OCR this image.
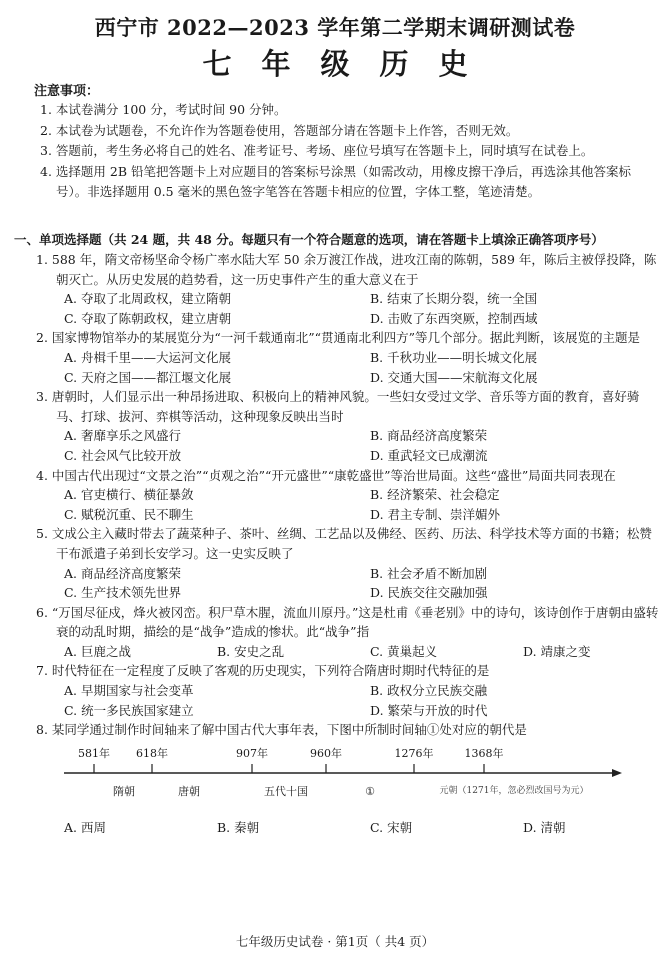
西宁市 2022—2023 学年第二学期末调研测试卷
七年级历史
注意事项：
1. 本试卷满分 100 分，考试时间 90 分钟。
2. 本试卷为试题卷，不允许作为答题卷使用，答题部分请在答题卡上作答，否则无效。
3. 答题前，考生务必将自己的姓名、准考证号、考场、座位号填写在答题卡上，同时填写在试卷上。
4. 选择题用 2B 铅笔把答题卡上对应题目的答案标号涂黑（如需改动，用橡皮擦干净后，再选涂其他答案标号）。非选择题用 0.5 毫米的黑色签字笔答在答题卡相应的位置，字体工整，笔迹清楚。
一、单项选择题（共 24 题，共 48 分。每题只有一个符合题意的选项，请在答题卡上填涂正确答项序号）
1. 588 年，隋文帝杨坚命令杨广率水陆大军 50 余万渡江作战，进攻江南的陈朝，589 年，陈后主被俘投降，陈朝灭亡。从历史发展的趋势看，这一历史事件产生的重大意义在于
A. 夺取了北周政权，建立隋朝	B. 结束了长期分裂，统一全国
C. 夺取了陈朝政权，建立唐朝	D. 击败了东西突厥，控制西域
2. 国家博物馆举办的某展览分为“一河千载通南北”“贯通南北利四方”等几个部分。据此判断，该展览的主题是
A. 舟楫千里——大运河文化展	B. 千秋功业——明长城文化展
C. 天府之国——都江堰文化展	D. 交通大国——宋航海文化展
3. 唐朝时，人们显示出一种昂扬进取、积极向上的精神风貌。一些妇女受过文学、音乐等方面的教育，喜好骑马、打球、拔河、弈棋等活动，这种现象反映出当时
A. 奢靡享乐之风盛行	B. 商品经济高度繁荣
C. 社会风气比较开放	D. 重武轻文已成潮流
4. 中国古代出现过“文景之治”“贞观之治”“开元盛世”“康乾盛世”等治世局面。这些“盛世”局面共同表现在
A. 官吏横行、横征暴敛	B. 经济繁荣、社会稳定
C. 赋税沉重、民不聊生	D. 君主专制、崇洋媚外
5. 文成公主入藏时带去了蔬菜种子、茶叶、丝绸、工艺品以及佛经、医药、历法、科学技术等方面的书籍；松赞干布派遣子弟到长安学习。这一史实反映了
A. 商品经济高度繁荣	B. 社会矛盾不断加剧
C. 生产技术领先世界	D. 民族交往交融加强
6. “万国尽征戍，烽火被冈峦。积尸草木腥，流血川原丹。”这是杜甫《垂老别》中的诗句，该诗创作于唐朝由盛转衰的动乱时期，描绘的是“战争”造成的惨状。此“战争”指
A. 巨鹿之战	B. 安史之乱	C. 黄巢起义	D. 靖康之变
7. 时代特征在一定程度了反映了客观的历史现实，下列符合隋唐时期时代特征的是
A. 早期国家与社会变革	B. 政权分立民族交融
C. 统一多民族国家建立	D. 繁荣与开放的时代
8. 某同学通过制作时间轴来了解中国古代大事年表，下图中所制时间轴①处对应的朝代是
581年 618年	907年	960年	1276年	1368年
隋朝	唐朝	五代十国	①	元朝（1271年，忽必烈改国号为元）
A. 西周	B. 秦朝	C. 宋朝	D. 清朝
七年级历史试卷 · 第1页（ 共4 页）
